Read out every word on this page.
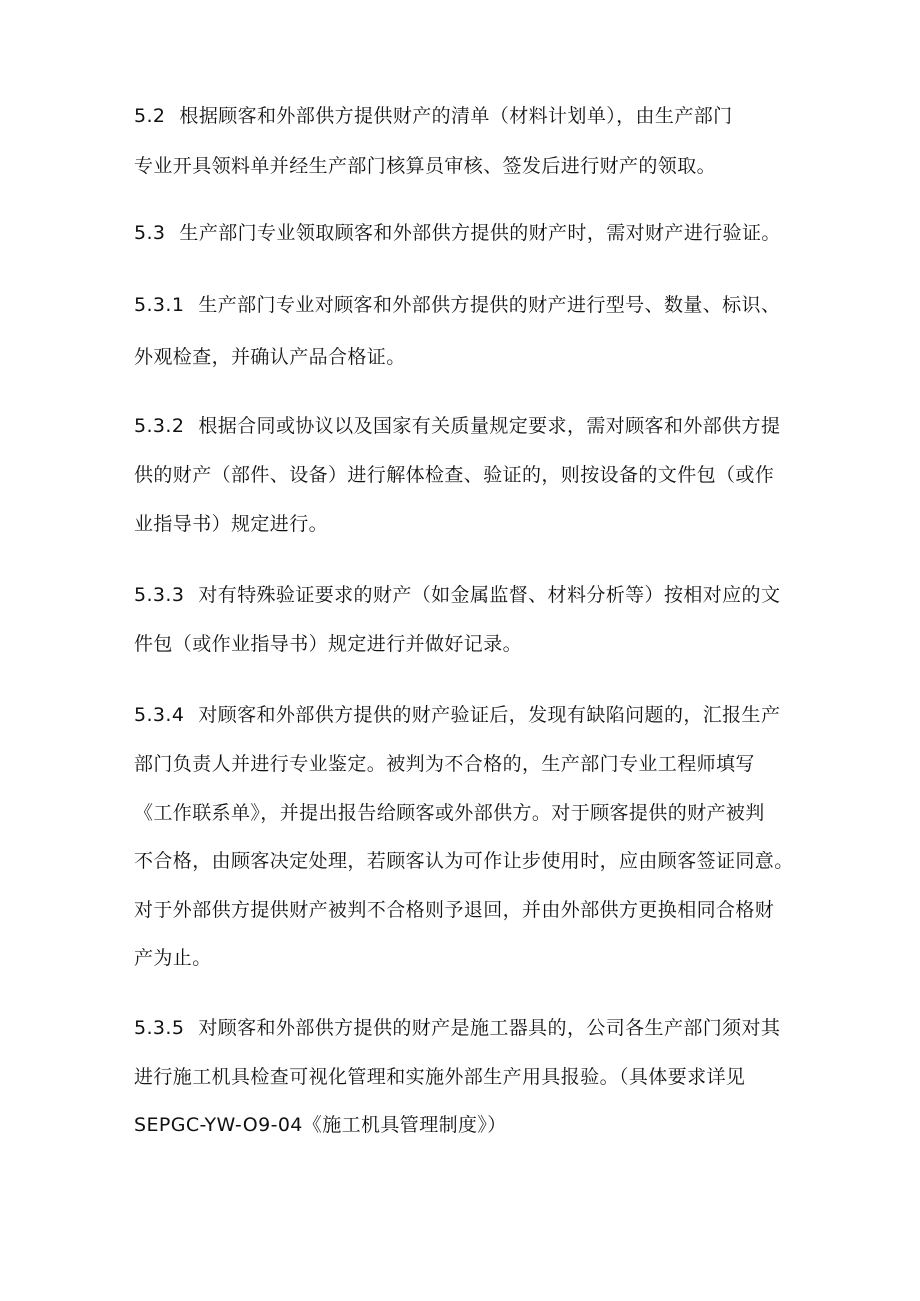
5.2 根据顾客和外部供方提供财产的清单（材料计划单），由生产部门
专业开具领料单并经生产部门核算员审核、签发后进行财产的领取。
5.3 生产部门专业领取顾客和外部供方提供的财产时，需对财产进行验证。
5.3.1 生产部门专业对顾客和外部供方提供的财产进行型号、数量、标识、
外观检查，并确认产品合格证。
5.3.2 根据合同或协议以及国家有关质量规定要求，需对顾客和外部供方提
供的财产（部件、设备）进行解体检查、验证的，则按设备的文件包（或作
业指导书）规定进行。
5.3.3 对有特殊验证要求的财产（如金属监督、材料分析等）按相对应的文
件包（或作业指导书）规定进行并做好记录。
5.3.4 对顾客和外部供方提供的财产验证后，发现有缺陷问题的，汇报生产
部门负责人并进行专业鉴定。被判为不合格的，生产部门专业工程师填写
《工作联系单》，并提出报告给顾客或外部供方。对于顾客提供的财产被判
不合格，由顾客决定处理，若顾客认为可作让步使用时，应由顾客签证同意。
对于外部供方提供财产被判不合格则予退回，并由外部供方更换相同合格财
产为止。
5.3.5 对顾客和外部供方提供的财产是施工器具的，公司各生产部门须对其
进行施工机具检查可视化管理和实施外部生产用具报验。（具体要求详见
SEPGC-YW-O9-04《施工机具管理制度》）
